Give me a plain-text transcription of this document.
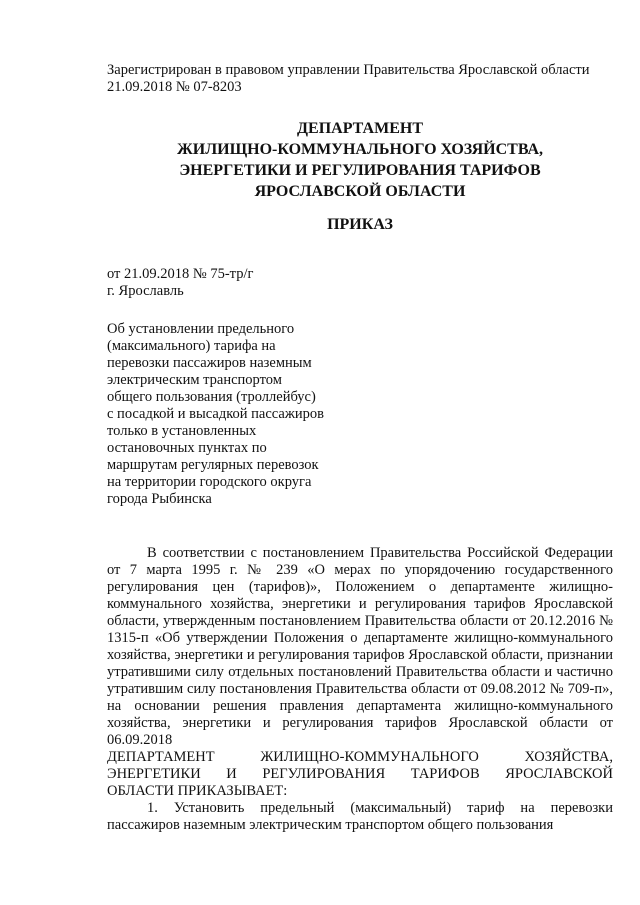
Зарегистрирован в правовом управлении Правительства Ярославской области
21.09.2018 № 07-8203
ДЕПАРТАМЕНТ
ЖИЛИЩНО-КОММУНАЛЬНОГО ХОЗЯЙСТВА,
ЭНЕРГЕТИКИ И РЕГУЛИРОВАНИЯ ТАРИФОВ
ЯРОСЛАВСКОЙ ОБЛАСТИ
ПРИКАЗ
от 21.09.2018 № 75-тр/г
г. Ярославль
Об установлении предельного
(максимального) тарифа на
перевозки пассажиров наземным
электрическим транспортом
общего пользования (троллейбус)
с посадкой и высадкой пассажиров
только в установленных
остановочных пунктах по
маршрутам регулярных перевозок
на территории городского округа
города Рыбинска

В соответствии с постановлением Правительства Российской Федерации от 7 марта 1995 г. № 239 «О мерах по упорядочению государственного регулирования цен (тарифов)», Положением о департаменте жилищно-коммунального хозяйства, энергетики и регулирования тарифов Ярославской области, утвержденным постановлением Правительства области от 20.12.2016 № 1315-п «Об утверждении Положения о департаменте жилищно-коммунального хозяйства, энергетики и регулирования тарифов Ярославской области, признании утратившими силу отдельных постановлений Правительства области и частично утратившим силу постановления Правительства области от 09.08.2012 № 709-п», на основании решения правления департамента жилищно-коммунального хозяйства, энергетики и регулирования тарифов Ярославской области от 06.09.2018

ДЕПАРТАМЕНТ	ЖИЛИЩНО-КОММУНАЛЬНОГО	ХОЗЯЙСТВА,
ЭНЕРГЕТИКИ И РЕГУЛИРОВАНИЯ ТАРИФОВ ЯРОСЛАВСКОЙ
ОБЛАСТИ ПРИКАЗЫВАЕТ:

1. Установить предельный (максимальный) тариф на перевозки пассажиров наземным электрическим транспортом общего пользования
